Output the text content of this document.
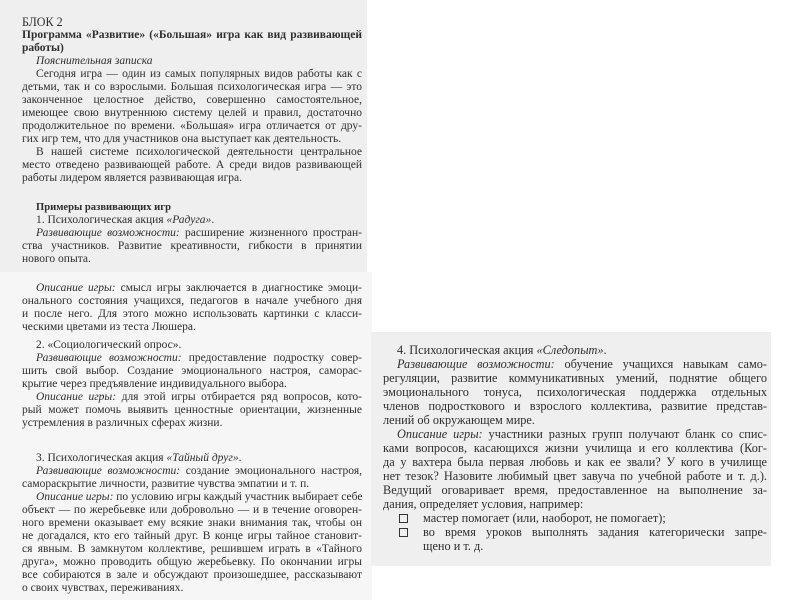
БЛОК 2
Программа «Развитие» («Большая» игра как вид развивающей
работы)
Пояснительная записка
Сегодня игра — один из самых популярных видов работы как с
детьми, так и со взрослыми. Большая психологическая игра — это
законченное целостное действо, совершенно самостоятельное,
имеющее свою внутреннюю систему целей и правил, достаточно
продолжительное по времени. «Большая» игра отличается от дру-
гих игр тем, что для участников она выступает как деятельность.
В нашей системе психологической деятельности центральное
место отведено развивающей работе. А среди видов развивающей
работы лидером является развивающая игра.
Примеры развивающих игр
1. Психологическая акция «Радуга».
Развивающие возможности: расширение жизненного простран-
ства участников. Развитие креативности, гибкости в принятии
нового опыта.
Описание игры: смысл игры заключается в диагностике эмоци-
онального состояния учащихся, педагогов в начале учебного дня
и после него. Для этого можно использовать картинки с класси-
ческими цветами из теста Люшера.
2. «Социологический опрос».
Развивающие возможности: предоставление подростку совер-
шить свой выбор. Создание эмоционального настроя, саморас-
крытие через предъявление индивидуального выбора.
Описание игры: для этой игры отбирается ряд вопросов, кото-
рый может помочь выявить ценностные ориентации, жизненные
устремления в различных сферах жизни.
3. Психологическая акция «Тайный друг».
Развивающие возможности: создание эмоционального настроя,
самораскрытие личности, развитие чувства эмпатии и т. п.
Описание игры: по условию игры каждый участник выбирает себе
объект — по жеребьевке или добровольно — и в течение оговорен-
ного времени оказывает ему всякие знаки внимания так, чтобы он
не догадался, кто его тайный друг. В конце игры тайное становит-
ся явным. В замкнутом коллективе, решившем играть в «Тайного
друга», можно проводить общую жеребьевку. По окончании игры
все собираются в зале и обсуждают произошедшее, рассказывают
о своих чувствах, переживаниях.
4. Психологическая акция «Следопыт».
Развивающие возможности: обучение учащихся навыкам само-
регуляции, развитие коммуникативных умений, поднятие общего
эмоционального тонуса, психологическая поддержка отдельных
членов подросткового и взрослого коллектива, развитие представ-
лений об окружающем мире.
Описание игры: участники разных групп получают бланк со спис-
ками вопросов, касающихся жизни училища и его коллектива (Ког-
да у вахтера была первая любовь и как ее звали? У кого в училище
нет тезок? Назовите любимый цвет завуча по учебной работе и т. д.).
Ведущий оговаривает время, предоставленное на выполнение за-
дания, определяет условия, например:
мастер помогает (или, наоборот, не помогает);
во время уроков выполнять задания категорически запре-
щено и т. д.
